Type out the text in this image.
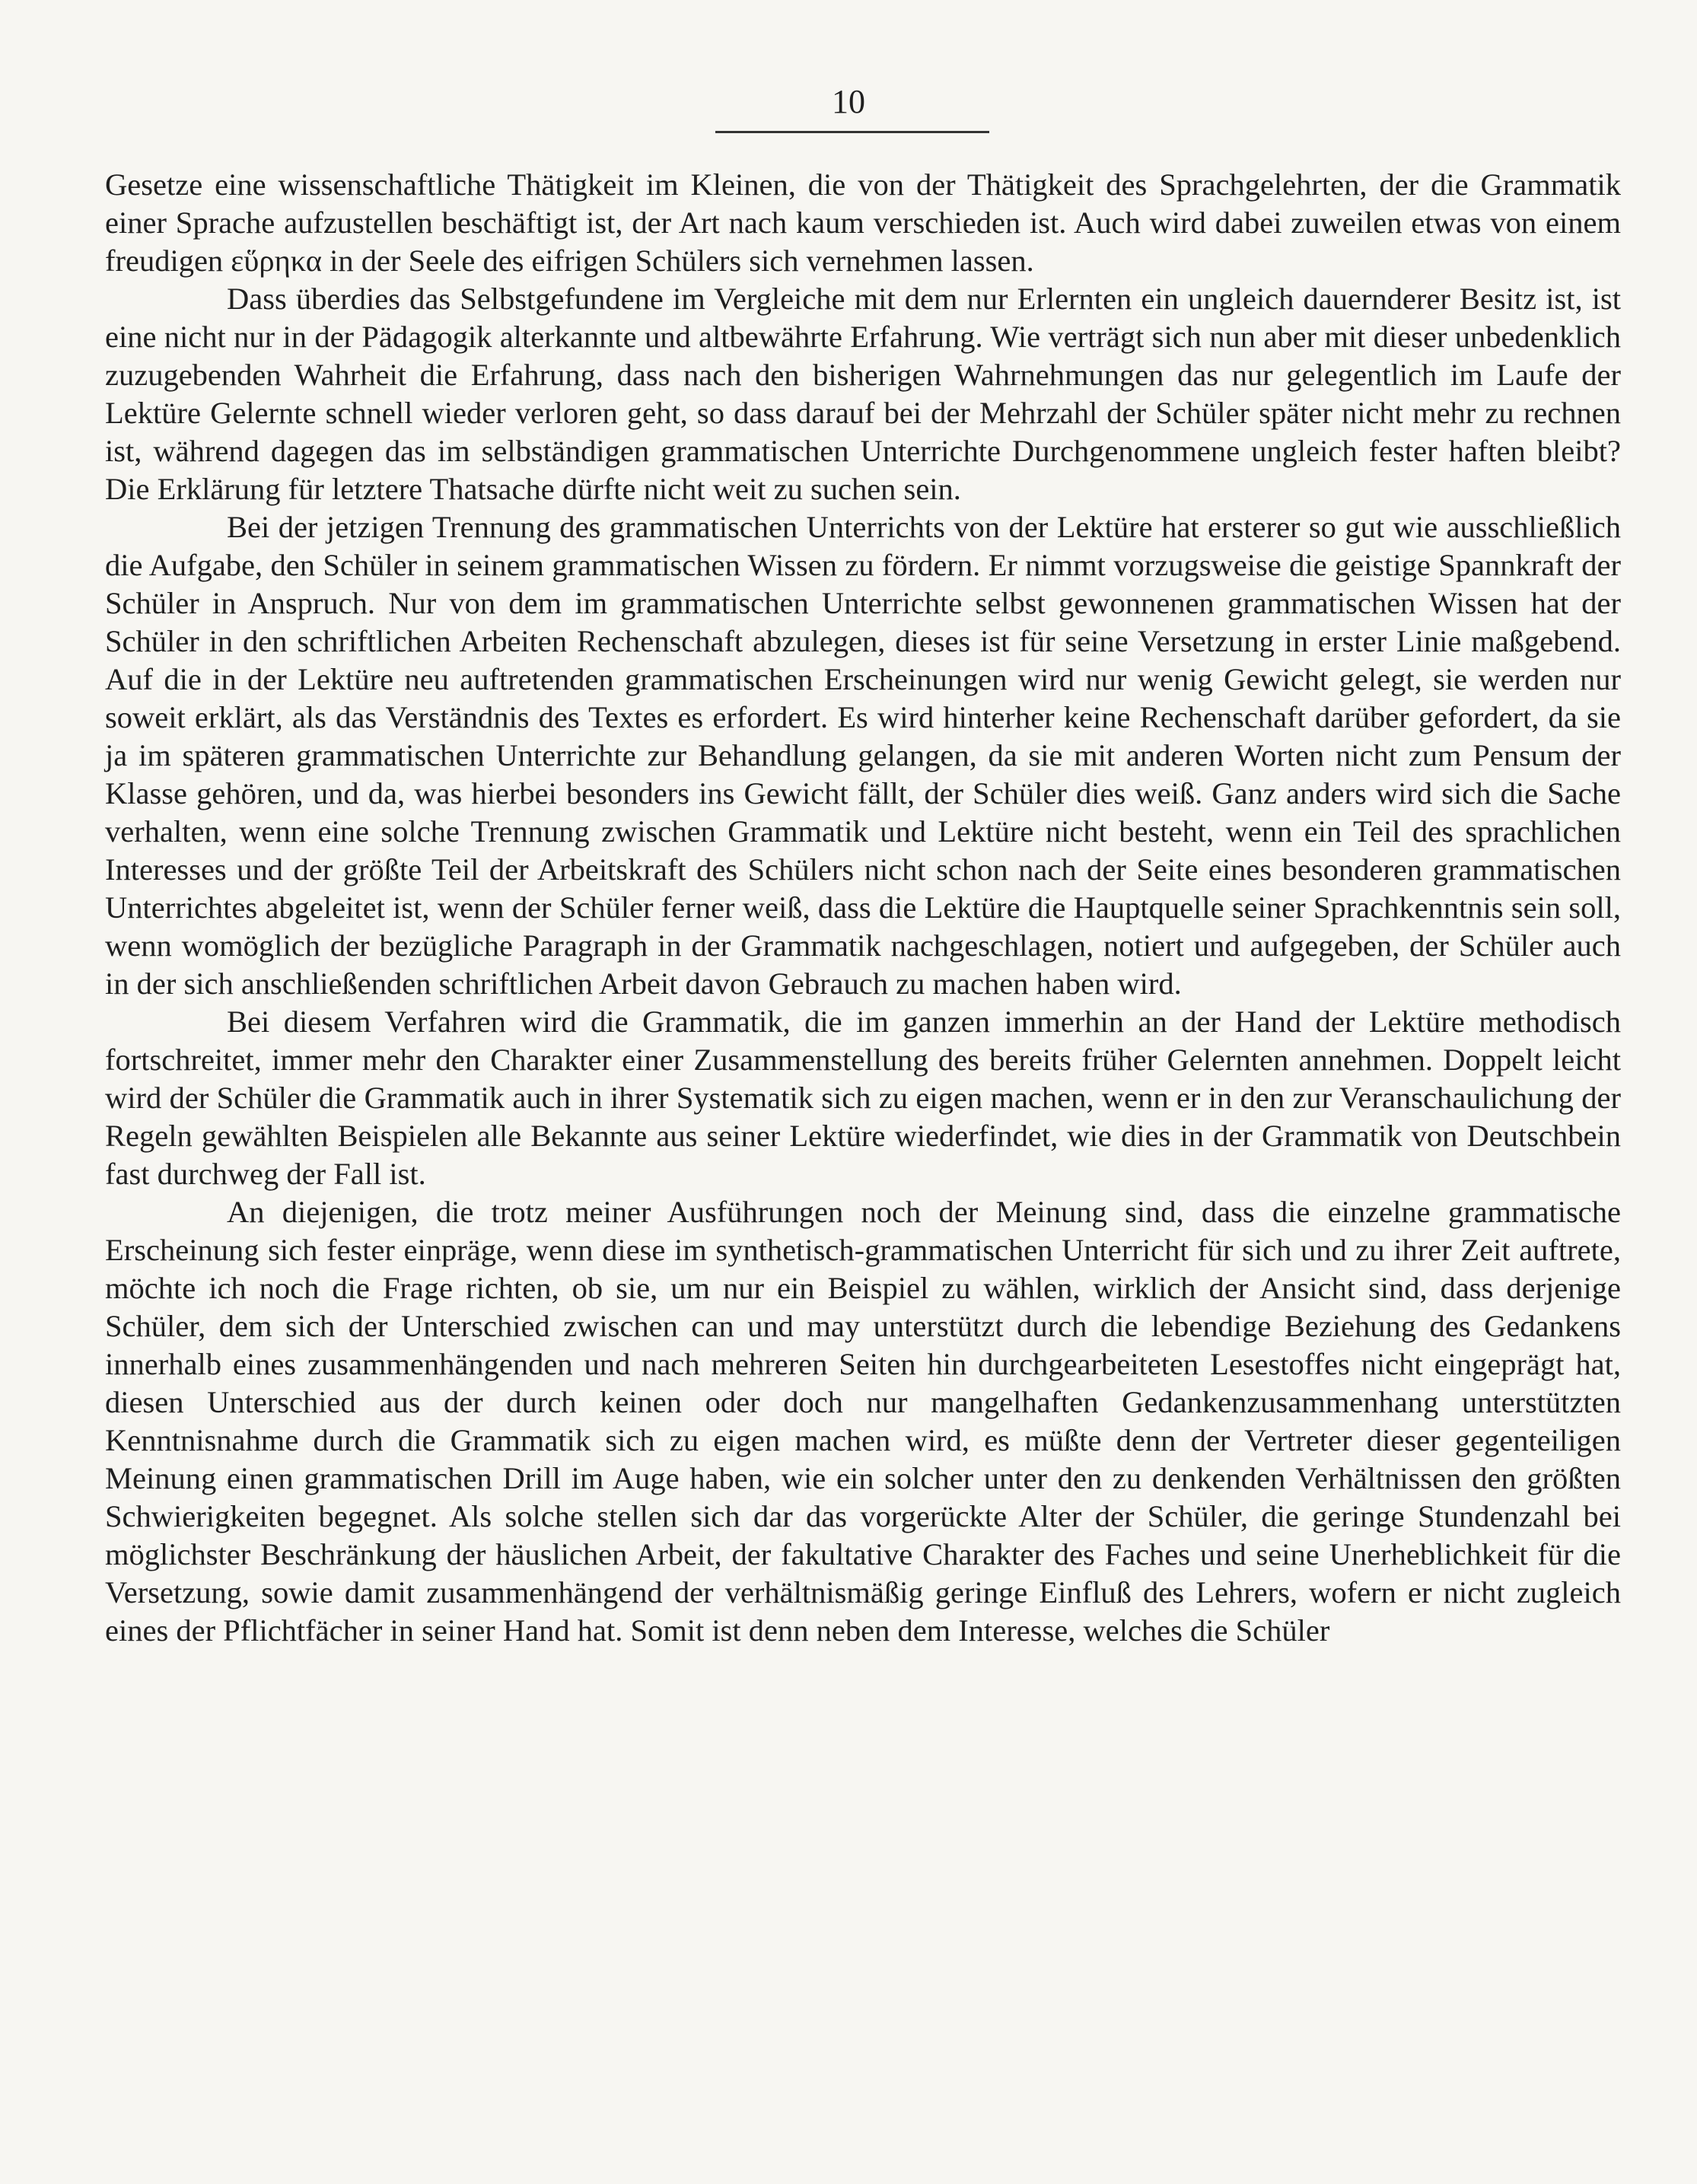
10

Gesetze eine wissenschaftliche Thätigkeit im Kleinen, die von der Thätigkeit des Sprachgelehrten, der die Grammatik einer Sprache aufzustellen beschäftigt ist, der Art nach kaum verschieden ist. Auch wird dabei zuweilen etwas von einem freudigen εὕρηκα in der Seele des eifrigen Schülers sich vernehmen lassen.

Dass überdies das Selbstgefundene im Vergleiche mit dem nur Erlernten ein ungleich dauernderer Besitz ist, ist eine nicht nur in der Pädagogik alterkannte und altbewährte Erfahrung. Wie verträgt sich nun aber mit dieser unbedenklich zuzugebenden Wahrheit die Erfahrung, dass nach den bisherigen Wahrnehmungen das nur gelegentlich im Laufe der Lektüre Gelernte schnell wieder verloren geht, so dass darauf bei der Mehrzahl der Schüler später nicht mehr zu rechnen ist, während dagegen das im selbständigen grammatischen Unterrichte Durchgenommene ungleich fester haften bleibt? Die Erklärung für letztere Thatsache dürfte nicht weit zu suchen sein.

Bei der jetzigen Trennung des grammatischen Unterrichts von der Lektüre hat ersterer so gut wie ausschließlich die Aufgabe, den Schüler in seinem grammatischen Wissen zu fördern. Er nimmt vorzugsweise die geistige Spannkraft der Schüler in Anspruch. Nur von dem im grammatischen Unterrichte selbst gewonnenen grammatischen Wissen hat der Schüler in den schriftlichen Arbeiten Rechenschaft abzulegen, dieses ist für seine Versetzung in erster Linie maßgebend. Auf die in der Lektüre neu auftretenden grammatischen Erscheinungen wird nur wenig Gewicht gelegt, sie werden nur soweit erklärt, als das Verständnis des Textes es erfordert. Es wird hinterher keine Rechenschaft darüber gefordert, da sie ja im späteren grammatischen Unterrichte zur Behandlung gelangen, da sie mit anderen Worten nicht zum Pensum der Klasse gehören, und da, was hierbei besonders ins Gewicht fällt, der Schüler dies weiß. Ganz anders wird sich die Sache verhalten, wenn eine solche Trennung zwischen Grammatik und Lektüre nicht besteht, wenn ein Teil des sprachlichen Interesses und der größte Teil der Arbeitskraft des Schülers nicht schon nach der Seite eines besonderen grammatischen Unterrichtes abgeleitet ist, wenn der Schüler ferner weiß, dass die Lektüre die Hauptquelle seiner Sprachkenntnis sein soll, wenn womöglich der bezügliche Paragraph in der Grammatik nachgeschlagen, notiert und aufgegeben, der Schüler auch in der sich anschließenden schriftlichen Arbeit davon Gebrauch zu machen haben wird.

Bei diesem Verfahren wird die Grammatik, die im ganzen immerhin an der Hand der Lektüre methodisch fortschreitet, immer mehr den Charakter einer Zusammenstellung des bereits früher Gelernten annehmen. Doppelt leicht wird der Schüler die Grammatik auch in ihrer Systematik sich zu eigen machen, wenn er in den zur Veranschaulichung der Regeln gewählten Beispielen alle Bekannte aus seiner Lektüre wiederfindet, wie dies in der Grammatik von Deutschbein fast durchweg der Fall ist.

An diejenigen, die trotz meiner Ausführungen noch der Meinung sind, dass die einzelne grammatische Erscheinung sich fester einpräge, wenn diese im synthetisch-grammatischen Unterricht für sich und zu ihrer Zeit auftrete, möchte ich noch die Frage richten, ob sie, um nur ein Beispiel zu wählen, wirklich der Ansicht sind, dass derjenige Schüler, dem sich der Unterschied zwischen can und may unterstützt durch die lebendige Beziehung des Gedankens innerhalb eines zusammenhängenden und nach mehreren Seiten hin durchgearbeiteten Lesestoffes nicht eingeprägt hat, diesen Unterschied aus der durch keinen oder doch nur mangelhaften Gedankenzusammenhang unterstützten Kenntnisnahme durch die Grammatik sich zu eigen machen wird, es müßte denn der Vertreter dieser gegenteiligen Meinung einen grammatischen Drill im Auge haben, wie ein solcher unter den zu denkenden Verhältnissen den größten Schwierigkeiten begegnet. Als solche stellen sich dar das vorgerückte Alter der Schüler, die geringe Stundenzahl bei möglichster Beschränkung der häuslichen Arbeit, der fakultative Charakter des Faches und seine Unerheblichkeit für die Versetzung, sowie damit zusammenhängend der verhältnismäßig geringe Einfluß des Lehrers, wofern er nicht zugleich eines der Pflichtfächer in seiner Hand hat. Somit ist denn neben dem Interesse, welches die Schüler
